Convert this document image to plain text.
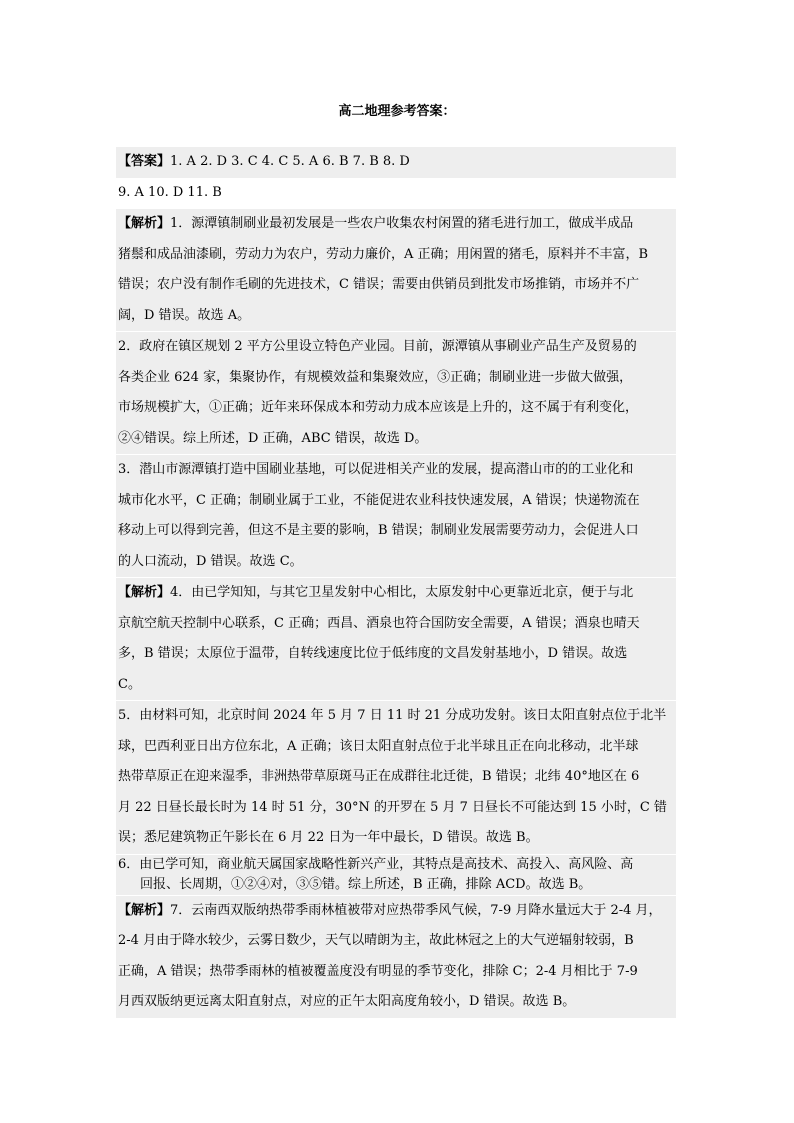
高二地理参考答案：
【答案】1. A 2. D 3. C 4. C 5. A 6. B 7. B 8. D
9. A 10. D 11. B
【解析】1．源潭镇制刷业最初发展是一些农户收集农村闲置的猪毛进行加工，做成半成品
猪鬃和成品油漆刷，劳动力为农户，劳动力廉价，A 正确；用闲置的猪毛，原料并不丰富，B
错误；农户没有制作毛刷的先进技术，C 错误；需要由供销员到批发市场推销，市场并不广
阔，D 错误。故选 A。
2．政府在镇区规划 2 平方公里设立特色产业园。目前，源潭镇从事刷业产品生产及贸易的
各类企业 624 家，集聚协作，有规模效益和集聚效应，③正确；制刷业进一步做大做强，
市场规模扩大，①正确；近年来环保成本和劳动力成本应该是上升的，这不属于有利变化，
②④错误。综上所述，D 正确，ABC 错误，故选 D。
3．潜山市源潭镇打造中国刷业基地，可以促进相关产业的发展，提高潜山市的的工业化和
城市化水平，C 正确；制刷业属于工业，不能促进农业科技快速发展，A 错误；快递物流在
移动上可以得到完善，但这不是主要的影响，B 错误；制刷业发展需要劳动力，会促进人口
的人口流动，D 错误。故选 C。
【解析】4．由已学知知，与其它卫星发射中心相比，太原发射中心更靠近北京，便于与北
京航空航天控制中心联系，C 正确；西昌、酒泉也符合国防安全需要，A 错误；酒泉也晴天
多，B 错误；太原位于温带，自转线速度比位于低纬度的文昌发射基地小，D 错误。故选
C。
5．由材料可知，北京时间 2024 年 5 月 7 日 11 时 21 分成功发射。该日太阳直射点位于北半
球，巴西利亚日出方位东北，A 正确；该日太阳直射点位于北半球且正在向北移动，北半球
热带草原正在迎来湿季，非洲热带草原斑马正在成群往北迁徙，B 错误；北纬 40°地区在 6
月 22 日昼长最长时为 14 时 51 分，30°N 的开罗在 5 月 7 日昼长不可能达到 15 小时，C 错
误；悉尼建筑物正午影长在 6 月 22 日为一年中最长，D 错误。故选 B。
6．由已学可知，商业航天属国家战略性新兴产业，其特点是高技术、高投入、高风险、高
回报、长周期，①②④对，③⑤错。综上所述，B 正确，排除 ACD。故选 B。
【解析】7．云南西双版纳热带季雨林植被带对应热带季风气候，7-9 月降水量远大于 2-4 月，
2-4 月由于降水较少，云雾日数少，天气以晴朗为主，故此林冠之上的大气逆辐射较弱，B
正确，A 错误；热带季雨林的植被覆盖度没有明显的季节变化，排除 C；2-4 月相比于 7-9
月西双版纳更远离太阳直射点，对应的正午太阳高度角较小，D 错误。故选 B。
